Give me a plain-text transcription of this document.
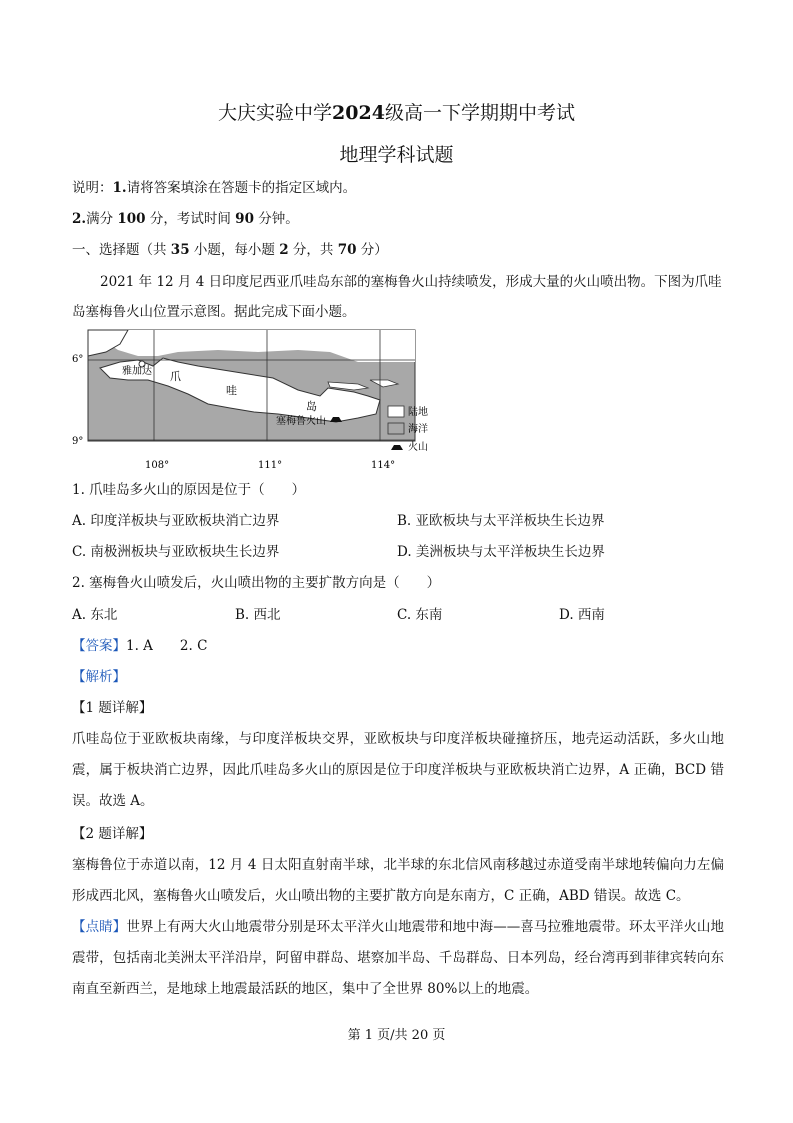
大庆实验中学2024级高一下学期期中考试
地理学科试题
说明：1.请将答案填涂在答题卡的指定区域内。
2.满分 100 分，考试时间 90 分钟。
一、选择题（共 35 小题，每小题 2 分，共 70 分）
2021 年 12 月 4 日印度尼西亚爪哇岛东部的塞梅鲁火山持续喷发，形成大量的火山喷出物。下图为爪哇
岛塞梅鲁火山位置示意图。据此完成下面小题。
6°
9°
108°	111°	114°
雅加达 爪
哇
岛
塞梅鲁火山
陆地
海洋
火山
1. 爪哇岛多火山的原因是位于（　　）
A. 印度洋板块与亚欧板块消亡边界	B. 亚欧板块与太平洋板块生长边界
C. 南极洲板块与亚欧板块生长边界	D. 美洲板块与太平洋板块生长边界
2. 塞梅鲁火山喷发后，火山喷出物的主要扩散方向是（　　）
A. 东北	B. 西北	C. 东南	D. 西南
【答案】1. A　　2. C
【解析】
【1 题详解】
爪哇岛位于亚欧板块南缘，与印度洋板块交界，亚欧板块与印度洋板块碰撞挤压，地壳运动活跃，多火山地震，属于板块消亡边界，因此爪哇岛多火山的原因是位于印度洋板块与亚欧板块消亡边界，A 正确，BCD 错误。故选 A。
【2 题详解】
塞梅鲁位于赤道以南，12 月 4 日太阳直射南半球，北半球的东北信风南移越过赤道受南半球地转偏向力左偏形成西北风，塞梅鲁火山喷发后，火山喷出物的主要扩散方向是东南方，C 正确，ABD 错误。故选 C。
【点睛】世界上有两大火山地震带分别是环太平洋火山地震带和地中海——喜马拉雅地震带。环太平洋火山地震带，包括南北美洲太平洋沿岸，阿留申群岛、堪察加半岛、千岛群岛、日本列岛，经台湾再到菲律宾转向东南直至新西兰，是地球上地震最活跃的地区，集中了全世界 80%以上的地震。
第 1 页/共 20 页
